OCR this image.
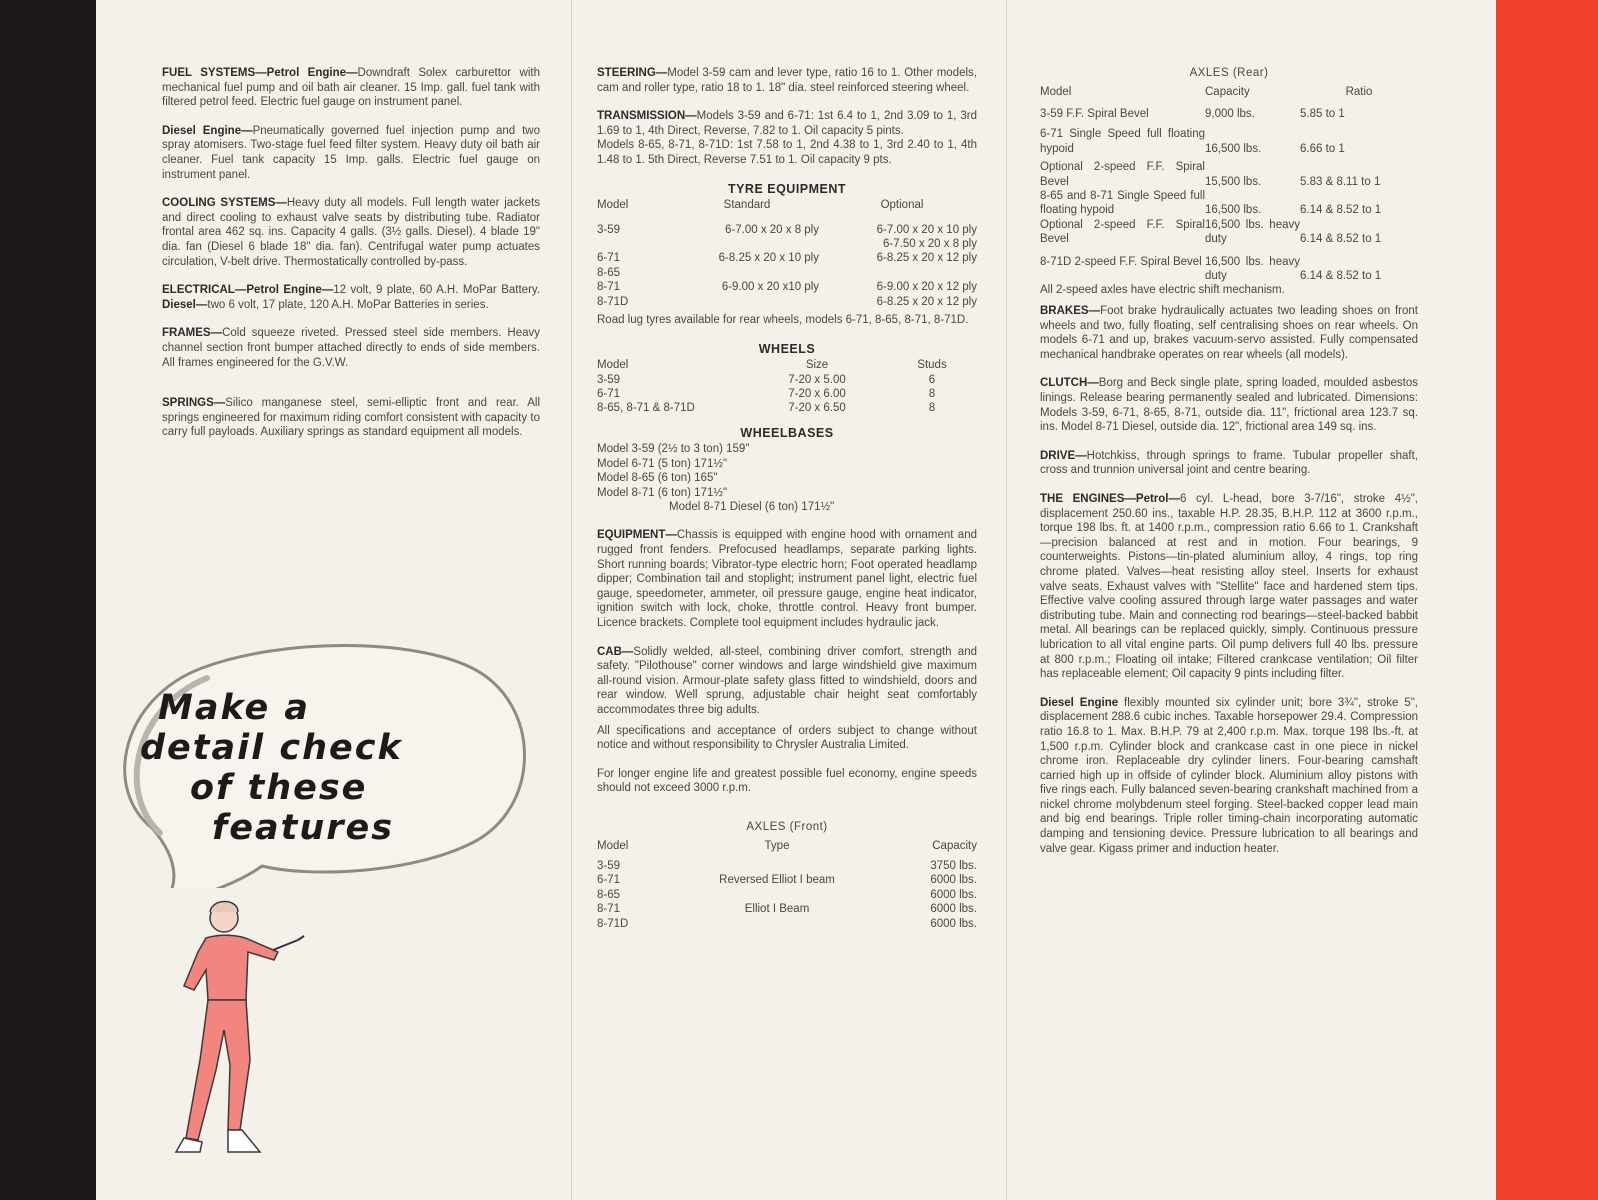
FUEL SYSTEMS—Petrol Engine—Downdraft Solex carburettor with mechanical fuel pump and oil bath air cleaner. 15 Imp. gall. fuel tank with filtered petrol feed. Electric fuel gauge on instrument panel.

Diesel Engine—Pneumatically governed fuel injection pump and two spray atomisers. Two-stage fuel feed filter system. Heavy duty oil bath air cleaner. Fuel tank capacity 15 Imp. galls. Electric fuel gauge on instrument panel.

COOLING SYSTEMS—Heavy duty all models. Full length water jackets and direct cooling to exhaust valve seats by distributing tube. Radiator frontal area 462 sq. ins. Capacity 4 galls. (3½ galls. Diesel). 4 blade 19" dia. fan (Diesel 6 blade 18" dia. fan). Centrifugal water pump actuates circulation, V-belt drive. Thermostatically controlled by-pass.

ELECTRICAL—Petrol Engine—12 volt, 9 plate, 60 A.H. MoPar Battery. Diesel—two 6 volt, 17 plate, 120 A.H. MoPar Batteries in series.

FRAMES—Cold squeeze riveted. Pressed steel side members. Heavy channel section front bumper attached directly to ends of side members. All frames engineered for the G.V.W.

SPRINGS—Silico manganese steel, semi-elliptic front and rear. All springs engineered for maximum riding comfort consistent with capacity to carry full payloads. Auxiliary springs as standard equipment all models.

Make a
detail check
of these
features

STEERING—Model 3-59 cam and lever type, ratio 16 to 1. Other models, cam and roller type, ratio 18 to 1. 18" dia. steel reinforced steering wheel.

TRANSMISSION—Models 3-59 and 6-71: 1st 6.4 to 1, 2nd 3.09 to 1, 3rd 1.69 to 1, 4th Direct, Reverse, 7.82 to 1. Oil capacity 5 pints.

Models 8-65, 8-71, 8-71D: 1st 7.58 to 1, 2nd 4.38 to 1, 3rd 2.40 to 1, 4th 1.48 to 1. 5th Direct, Reverse 7.51 to 1. Oil capacity 9 pts.

TYRE EQUIPMENT
Model	Standard	Optional

3-59	6-7.00 x 20 x 8 ply	6-7.00 x 20 x 10 ply
		6-7.50 x 20 x 8 ply
6-71	6-8.25 x 20 x 10 ply	6-8.25 x 20 x 12 ply
8-65		
8-71	6-9.00 x 20 x10 ply	6-9.00 x 20 x 12 ply
8-71D		6-8.25 x 20 x 12 ply

Road lug tyres available for rear wheels, models 6-71, 8-65, 8-71, 8-71D.

WHEELS
Model	Size	Studs
3-59	7-20 x 5.00	6
6-71	7-20 x 6.00	8
8-65, 8-71 & 8-71D	7-20 x 6.50	8
WHEELBASES

Model 3-59 (2½ to 3 ton) 159"

Model 6-71 (5 ton) 171½"

Model 8-65 (6 ton) 165"

Model 8-71 (6 ton) 171½"

Model 8-71 Diesel (6 ton) 171½"

EQUIPMENT—Chassis is equipped with engine hood with ornament and rugged front fenders. Prefocused headlamps, separate parking lights. Short running boards; Vibrator-type electric horn; Foot operated headlamp dipper; Combination tail and stoplight; instrument panel light, electric fuel gauge, speedometer, ammeter, oil pressure gauge, engine heat indicator, ignition switch with lock, choke, throttle control. Heavy front bumper. Licence brackets. Complete tool equipment includes hydraulic jack.

CAB—Solidly welded, all-steel, combining driver comfort, strength and safety. "Pilothouse" corner windows and large windshield give maximum all-round vision. Armour-plate safety glass fitted to windshield, doors and rear window. Well sprung, adjustable chair height seat comfortably accommodates three big adults.

All specifications and acceptance of orders subject to change without notice and without responsibility to Chrysler Australia Limited.

For longer engine life and greatest possible fuel economy, engine speeds should not exceed 3000 r.p.m.

AXLES (Front)
Model	Type	Capacity

3-59		3750 lbs.
6-71	Reversed Elliot I beam	6000 lbs.
8-65		6000 lbs.
8-71	Elliot I Beam	6000 lbs.
8-71D		6000 lbs.
AXLES (Rear)
Model	Capacity	Ratio

3-59 F.F. Spiral Bevel	9,000 lbs.	5.85 to 1

6-71 Single Speed full floating hypoid	16,500 lbs.	6.66 to 1

Optional 2-speed F.F. Spiral Bevel	15,500 lbs.	5.83 & 8.11 to 1
8-65 and 8-71 Single Speed full floating hypoid	16,500 lbs.	6.14 & 8.52 to 1
Optional 2-speed F.F. Spiral Bevel	16,500 lbs. heavy duty	6.14 & 8.52 to 1

8-71D 2-speed F.F. Spiral Bevel	16,500 lbs. heavy duty	6.14 & 8.52 to 1

All 2-speed axles have electric shift mechanism.

BRAKES—Foot brake hydraulically actuates two leading shoes on front wheels and two, fully floating, self centralising shoes on rear wheels. On models 6-71 and up, brakes vacuum-servo assisted. Fully compensated mechanical handbrake operates on rear wheels (all models).

CLUTCH—Borg and Beck single plate, spring loaded, moulded asbestos linings. Release bearing permanently sealed and lubricated. Dimensions: Models 3-59, 6-71, 8-65, 8-71, outside dia. 11", frictional area 123.7 sq. ins. Model 8-71 Diesel, outside dia. 12", frictional area 149 sq. ins.

DRIVE—Hotchkiss, through springs to frame. Tubular propeller shaft, cross and trunnion universal joint and centre bearing.

THE ENGINES—Petrol—6 cyl. L-head, bore 3-7/16", stroke 4½", displacement 250.60 ins., taxable H.P. 28.35, B.H.P. 112 at 3600 r.p.m., torque 198 lbs. ft. at 1400 r.p.m., compression ratio 6.66 to 1. Crankshaft—precision balanced at rest and in motion. Four bearings, 9 counterweights. Pistons—tin-plated aluminium alloy, 4 rings, top ring chrome plated. Valves—heat resisting alloy steel. Inserts for exhaust valve seats. Exhaust valves with "Stellite" face and hardened stem tips. Effective valve cooling assured through large water passages and water distributing tube. Main and connecting rod bearings—steel-backed babbit metal. All bearings can be replaced quickly, simply. Continuous pressure lubrication to all vital engine parts. Oil pump delivers full 40 lbs. pressure at 800 r.p.m.; Floating oil intake; Filtered crankcase ventilation; Oil filter has replaceable element; Oil capacity 9 pints including filter.

Diesel Engine flexibly mounted six cylinder unit; bore 3¾", stroke 5", displacement 288.6 cubic inches. Taxable horsepower 29.4. Compression ratio 16.8 to 1. Max. B.H.P. 79 at 2,400 r.p.m. Max. torque 198 lbs.-ft. at 1,500 r.p.m. Cylinder block and crankcase cast in one piece in nickel chrome iron. Replaceable dry cylinder liners. Four-bearing camshaft carried high up in offside of cylinder block. Aluminium alloy pistons with five rings each. Fully balanced seven-bearing crankshaft machined from a nickel chrome molybdenum steel forging. Steel-backed copper lead main and big end bearings. Triple roller timing-chain incorporating automatic damping and tensioning device. Pressure lubrication to all bearings and valve gear. Kigass primer and induction heater.
